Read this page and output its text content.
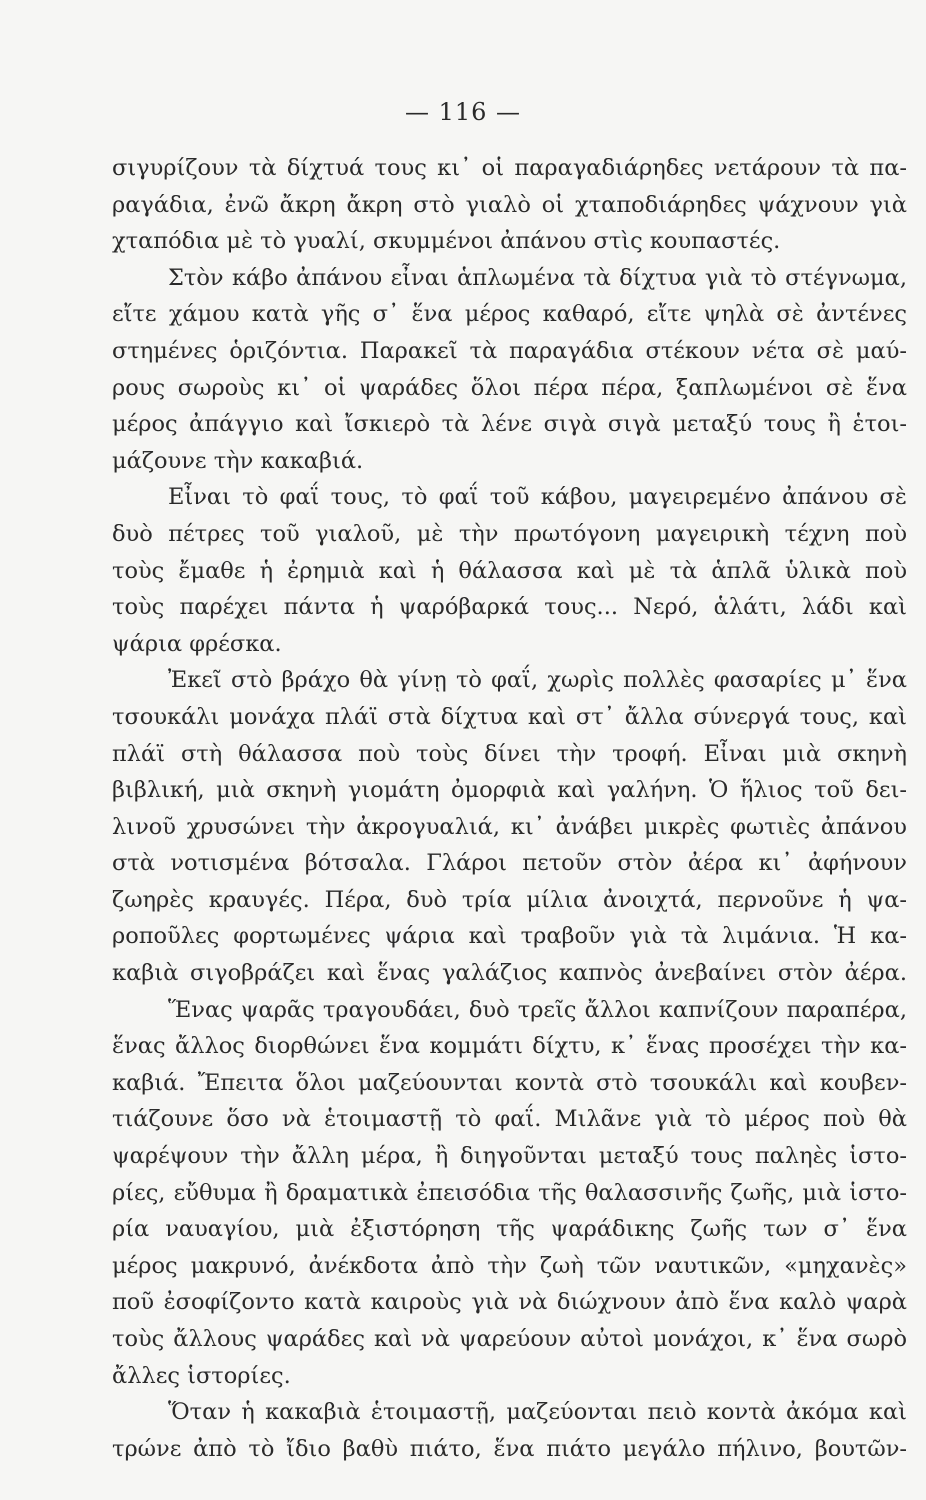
— 116 —
σιγυρίζουν τὰ δίχτυά τους κι᾿ οἱ παραγαδιάρηδες νετάρουν τὰ πα-
ραγάδια, ἐνῶ ἄκρη ἄκρη στὸ γιαλὸ οἱ χταποδιάρηδες ψάχνουν γιὰ
χταπόδια μὲ τὸ γυαλί, σκυμμένοι ἀπάνου στὶς κουπαστές.
Στὸν κάβο ἀπάνου εἶναι ἁπλωμένα τὰ δίχτυα γιὰ τὸ στέγνωμα,
εἴτε χάμου κατὰ γῆς σ᾿ ἕνα μέρος καθαρό, εἴτε ψηλὰ σὲ ἀντένες
στημένες ὁριζόντια. Παρακεῖ τὰ παραγάδια στέκουν νέτα σὲ μαύ-
ρους σωροὺς κι᾿ οἱ ψαράδες ὅλοι πέρα πέρα, ξαπλωμένοι σὲ ἕνα
μέρος ἀπάγγιο καὶ ἴσκιερὸ τὰ λένε σιγὰ σιγὰ μεταξύ τους ἢ ἑτοι-
μάζουνε τὴν κακαβιά.
Εἶναι τὸ φαΐ τους, τὸ φαΐ τοῦ κάβου, μαγειρεμένο ἀπάνου σὲ
δυὸ πέτρες τοῦ γιαλοῦ, μὲ τὴν πρωτόγονη μαγειρικὴ τέχνη ποὺ
τοὺς ἔμαθε ἡ ἐρημιὰ καὶ ἡ θάλασσα καὶ μὲ τὰ ἁπλᾶ ὑλικὰ ποὺ
τοὺς παρέχει πάντα ἡ ψαρόβαρκά τους... Νερό, ἁλάτι, λάδι καὶ
ψάρια φρέσκα.
Ἐκεῖ στὸ βράχο θὰ γίνῃ τὸ φαΐ, χωρὶς πολλὲς φασαρίες μ᾿ ἕνα
τσουκάλι μονάχα πλάϊ στὰ δίχτυα καὶ στ᾿ ἄλλα σύνεργά τους, καὶ
πλάϊ στὴ θάλασσα ποὺ τοὺς δίνει τὴν τροφή. Εἶναι μιὰ σκηνὴ
βιβλική, μιὰ σκηνὴ γιομάτη ὀμορφιὰ καὶ γαλήνη. Ὁ ἥλιος τοῦ δει-
λινοῦ χρυσώνει τὴν ἀκρογυαλιά, κι᾿ ἀνάβει μικρὲς φωτιὲς ἀπάνου
στὰ νοτισμένα βότσαλα. Γλάροι πετοῦν στὸν ἀέρα κι᾿ ἀφήνουν
ζωηρὲς κραυγές. Πέρα, δυὸ τρία μίλια ἀνοιχτά, περνοῦνε ἡ ψα-
ροποῦλες φορτωμένες ψάρια καὶ τραβοῦν γιὰ τὰ λιμάνια. Ἡ κα-
καβιὰ σιγοβράζει καὶ ἕνας γαλάζιος καπνὸς ἀνεβαίνει στὸν ἀέρα.
Ἕνας ψαρᾶς τραγουδάει, δυὸ τρεῖς ἄλλοι καπνίζουν παραπέρα,
ἕνας ἄλλος διορθώνει ἕνα κομμάτι δίχτυ, κ᾿ ἕνας προσέχει τὴν κα-
καβιά. Ἔπειτα ὅλοι μαζεύουνται κοντὰ στὸ τσουκάλι καὶ κουβεν-
τιάζουνε ὅσο νὰ ἑτοιμαστῇ τὸ φαΐ. Μιλᾶνε γιὰ τὸ μέρος ποὺ θὰ
ψαρέψουν τὴν ἄλλη μέρα, ἢ διηγοῦνται μεταξύ τους παληὲς ἱστο-
ρίες, εὔθυμα ἢ δραματικὰ ἐπεισόδια τῆς θαλασσινῆς ζωῆς, μιὰ ἱστο-
ρία ναυαγίου, μιὰ ἐξιστόρηση τῆς ψαράδικης ζωῆς των σ᾿ ἕνα
μέρος μακρυνό, ἀνέκδοτα ἀπὸ τὴν ζωὴ τῶν ναυτικῶν, «μηχανὲς»
ποῦ ἐσοφίζοντο κατὰ καιροὺς γιὰ νὰ διώχνουν ἀπὸ ἕνα καλὸ ψαρὰ
τοὺς ἄλλους ψαράδες καὶ νὰ ψαρεύουν αὐτοὶ μονάχοι, κ᾿ ἕνα σωρὸ
ἄλλες ἱστορίες.
Ὅταν ἡ κακαβιὰ ἑτοιμαστῇ, μαζεύονται πειὸ κοντὰ ἀκόμα καὶ
τρώνε ἀπὸ τὸ ἴδιο βαθὺ πιάτο, ἕνα πιάτο μεγάλο πήλινο, βουτῶν-
